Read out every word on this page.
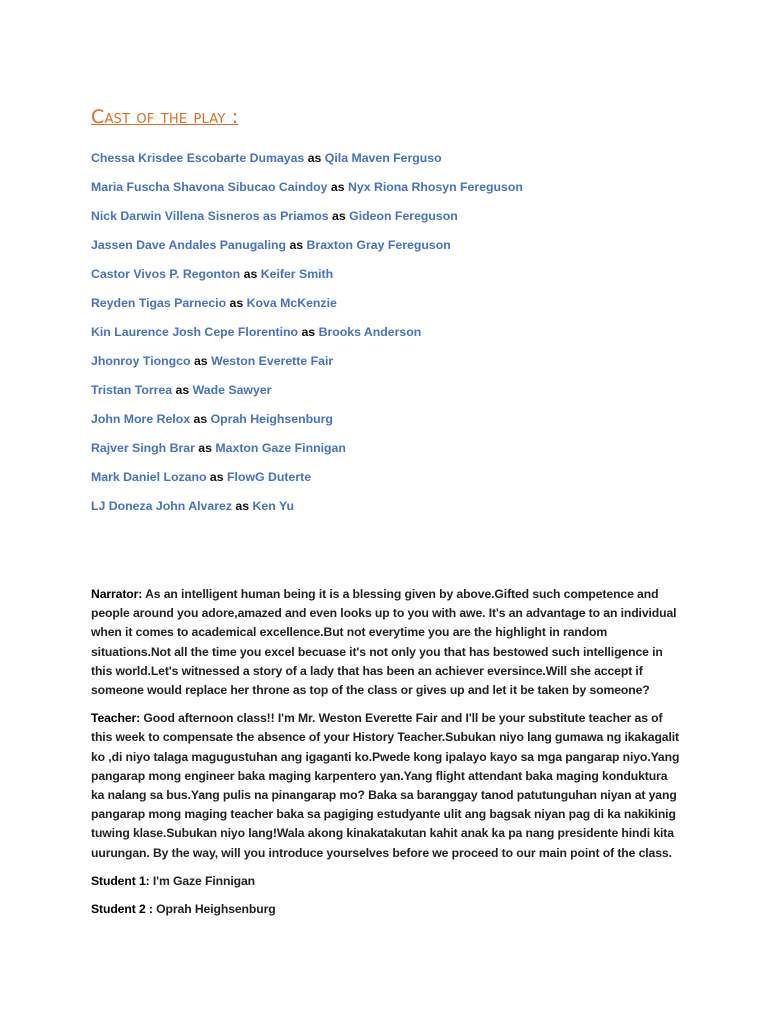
Cast of the play :
Chessa Krisdee Escobarte Dumayas as Qila Maven Ferguso
Maria Fuscha Shavona Sibucao Caindoy as Nyx Riona Rhosyn Fereguson
Nick Darwin Villena Sisneros as Priamos as Gideon Fereguson
Jassen Dave Andales Panugaling as Braxton Gray Fereguson
Castor Vivos P. Regonton as Keifer Smith
Reyden Tigas Parnecio as Kova McKenzie
Kin Laurence Josh Cepe Florentino as Brooks Anderson
Jhonroy Tiongco as Weston Everette Fair
Tristan Torrea as Wade Sawyer
John More Relox as Oprah Heighsenburg
Rajver Singh Brar as Maxton Gaze Finnigan
Mark Daniel Lozano as FlowG Duterte
LJ Doneza John Alvarez as Ken Yu

Narrator: As an intelligent human being it is a blessing given by above.Gifted such competence and people around you adore,amazed and even looks up to you with awe. It's an advantage to an individual when it comes to academical excellence.But not everytime you are the highlight in random situations.Not all the time you excel becuase it's not only you that has bestowed such intelligence in this world.Let's witnessed a story of a lady that has been an achiever eversince.Will she accept if someone would replace her throne as top of the class or gives up and let it be taken by someone?

Teacher: Good afternoon class!! I'm Mr. Weston Everette Fair and I'll be your substitute teacher as of this week to compensate the absence of your History Teacher.Subukan niyo lang gumawa ng ikakagalit ko ,di niyo talaga magugustuhan ang igaganti ko.Pwede kong ipalayo kayo sa mga pangarap niyo.Yang pangarap mong engineer baka maging karpentero yan.Yang flight attendant baka maging konduktura ka nalang sa bus.Yang pulis na pinangarap mo? Baka sa baranggay tanod patutunguhan niyan at yang pangarap mong maging teacher baka sa pagiging estudyante ulit ang bagsak niyan pag di ka nakikinig tuwing klase.Subukan niyo lang!Wala akong kinakatakutan kahit anak ka pa nang presidente hindi kita uurungan. By the way, will you introduce yourselves before we proceed to our main point of the class.

Student 1: I'm Gaze Finnigan

Student 2 : Oprah Heighsenburg
